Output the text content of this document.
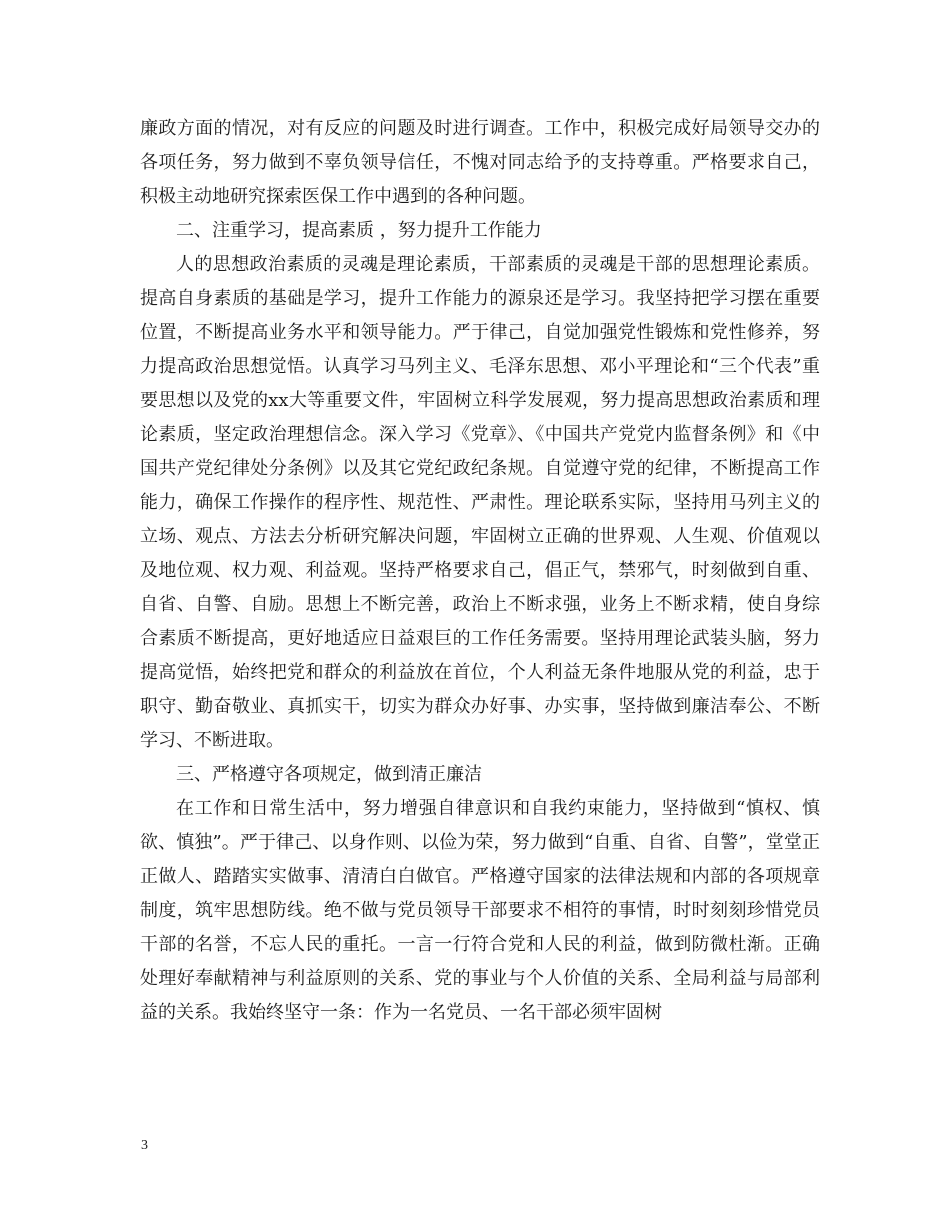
廉政方面的情况，对有反应的问题及时进行调查。工作中，积极完成好局领导交办的各项任务，努力做到不辜负领导信任，不愧对同志给予的支持尊重。严格要求自己，积极主动地研究探索医保工作中遇到的各种问题。

二、注重学习，提高素质 ，努力提升工作能力

人的思想政治素质的灵魂是理论素质，干部素质的灵魂是干部的思想理论素质。提高自身素质的基础是学习，提升工作能力的源泉还是学习。我坚持把学习摆在重要位置，不断提高业务水平和领导能力。严于律己，自觉加强党性锻炼和党性修养，努力提高政治思想觉悟。认真学习马列主义、毛泽东思想、邓小平理论和“三个代表”重要思想以及党的xx大等重要文件，牢固树立科学发展观，努力提高思想政治素质和理论素质，坚定政治理想信念。深入学习《党章》、《中国共产党党内监督条例》和《中国共产党纪律处分条例》以及其它党纪政纪条规。自觉遵守党的纪律，不断提高工作能力，确保工作操作的程序性、规范性、严肃性。理论联系实际，坚持用马列主义的立场、观点、方法去分析研究解决问题，牢固树立正确的世界观、人生观、价值观以及地位观、权力观、利益观。坚持严格要求自己，倡正气，禁邪气，时刻做到自重、自省、自警、自励。思想上不断完善，政治上不断求强，业务上不断求精，使自身综合素质不断提高，更好地适应日益艰巨的工作任务需要。坚持用理论武装头脑，努力提高觉悟，始终把党和群众的利益放在首位，个人利益无条件地服从党的利益，忠于职守、勤奋敬业、真抓实干，切实为群众办好事、办实事，坚持做到廉洁奉公、不断学习、不断进取。

三、严格遵守各项规定，做到清正廉洁

在工作和日常生活中，努力增强自律意识和自我约束能力，坚持做到“慎权、慎欲、慎独”。严于律己、以身作则、以俭为荣，努力做到“自重、自省、自警”，堂堂正正做人、踏踏实实做事、清清白白做官。严格遵守国家的法律法规和内部的各项规章制度，筑牢思想防线。绝不做与党员领导干部要求不相符的事情，时时刻刻珍惜党员干部的名誉，不忘人民的重托。一言一行符合党和人民的利益，做到防微杜渐。正确处理好奉献精神与利益原则的关系、党的事业与个人价值的关系、全局利益与局部利益的关系。我始终坚守一条：作为一名党员、一名干部必须牢固树

3
